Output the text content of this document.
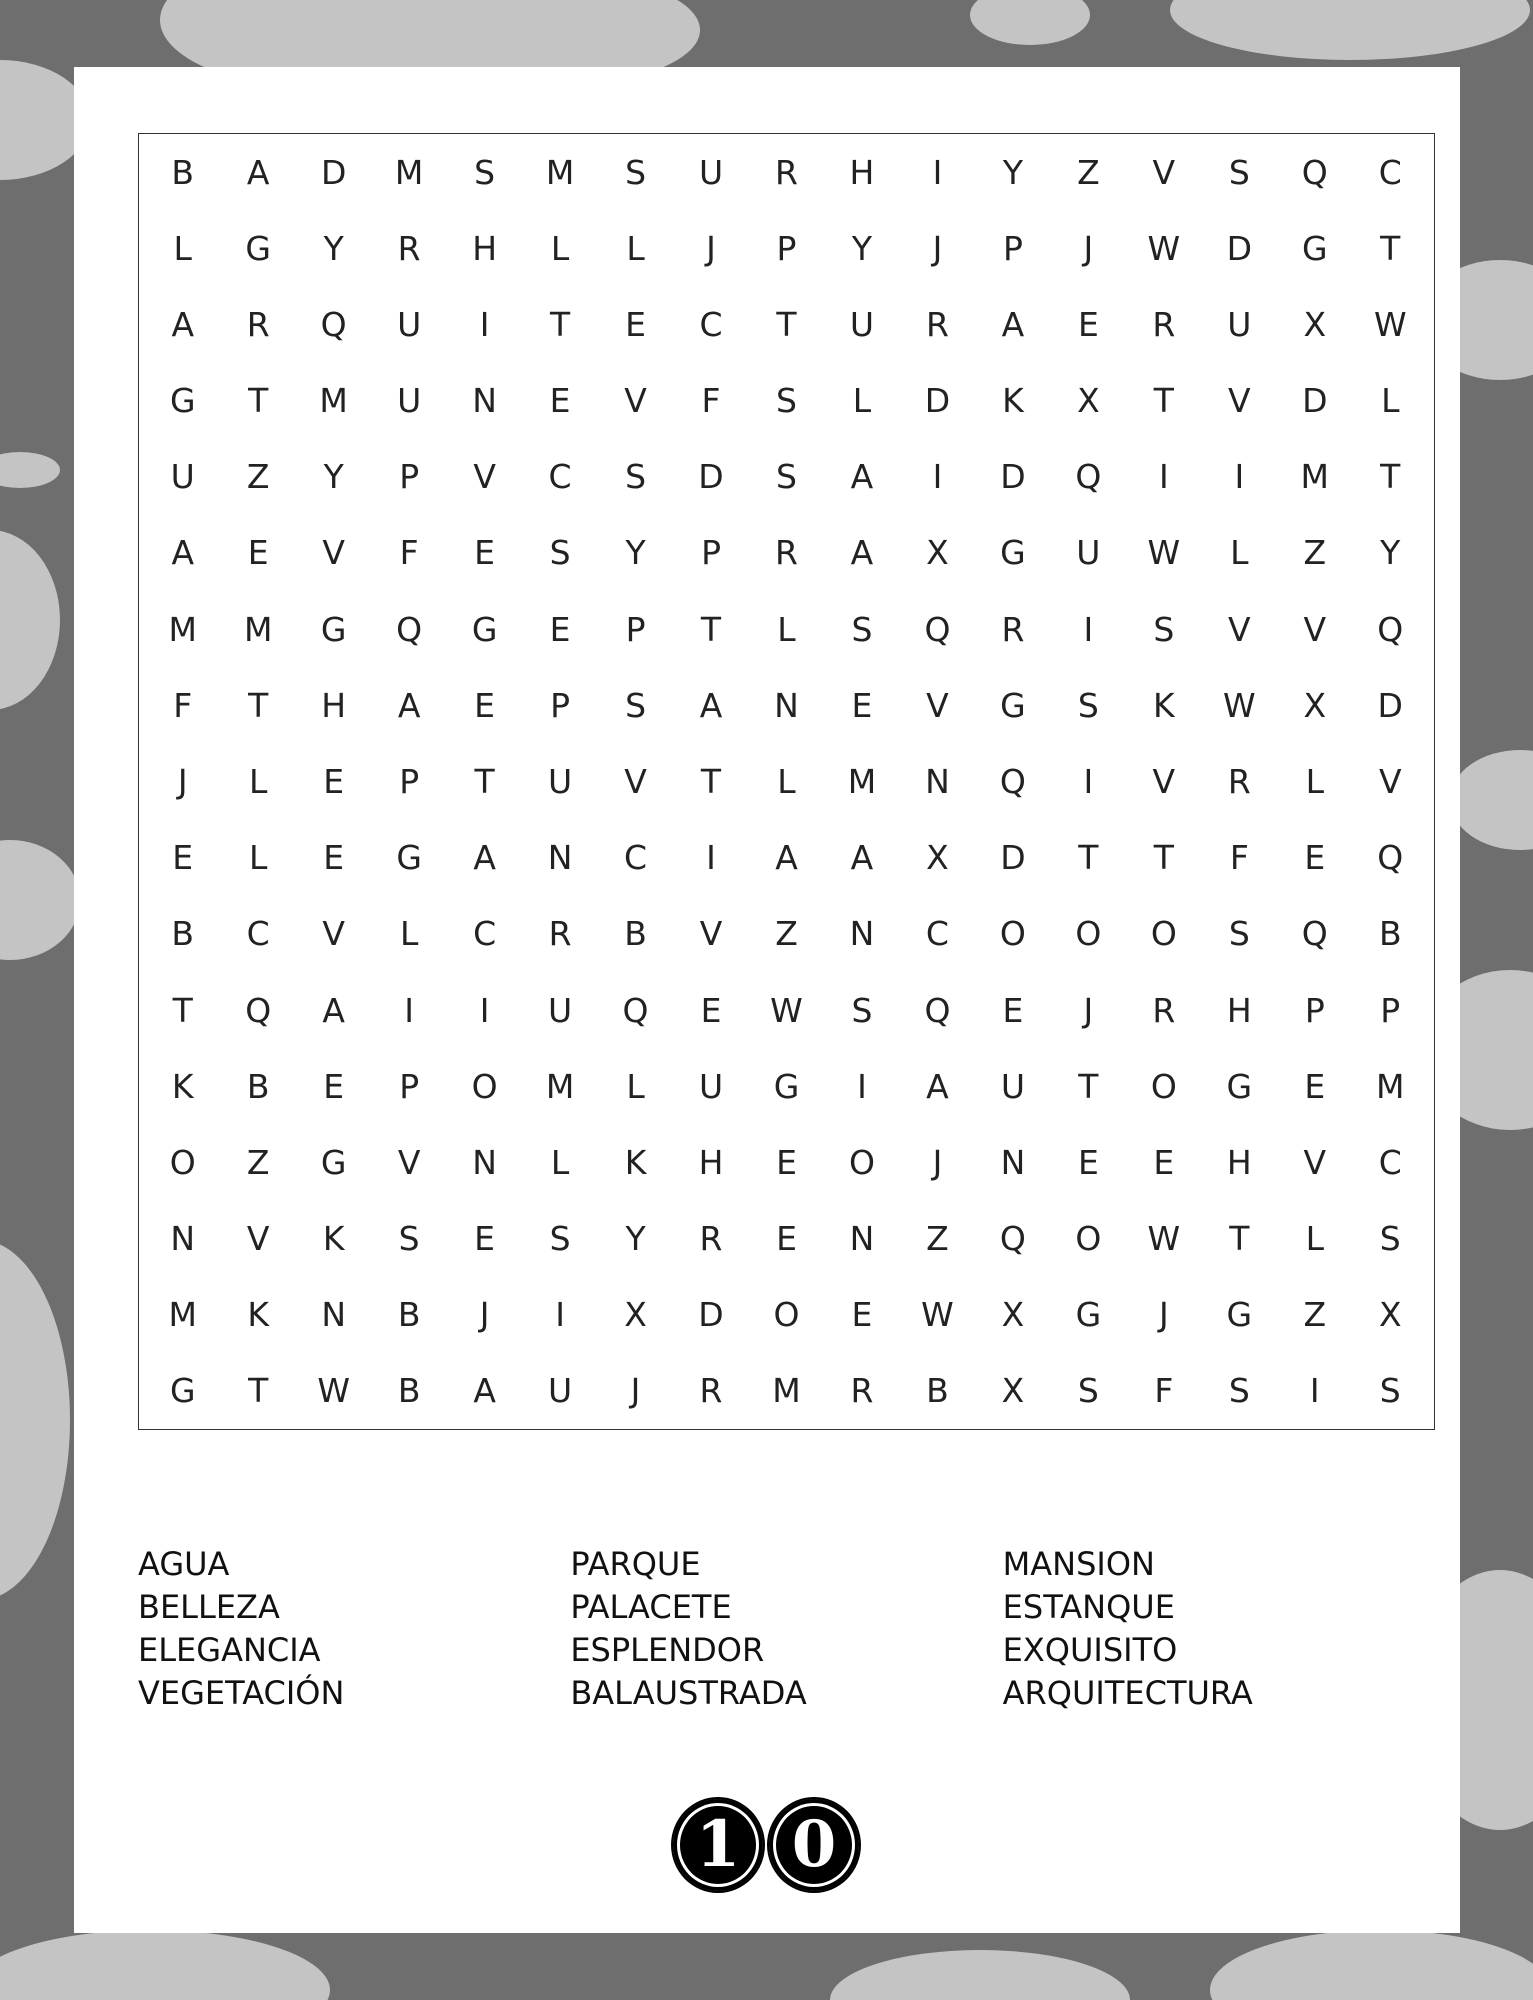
B	A	D	M	S	M	S	U	R	H	I	Y	Z	V	S	Q	C
L	G	Y	R	H	L	L	J	P	Y	J	P	J	W	D	G	T
A	R	Q	U	I	T	E	C	T	U	R	A	E	R	U	X	W
G	T	M	U	N	E	V	F	S	L	D	K	X	T	V	D	L
U	Z	Y	P	V	C	S	D	S	A	I	D	Q	I	I	M	T
A	E	V	F	E	S	Y	P	R	A	X	G	U	W	L	Z	Y
M	M	G	Q	G	E	P	T	L	S	Q	R	I	S	V	V	Q
F	T	H	A	E	P	S	A	N	E	V	G	S	K	W	X	D
J	L	E	P	T	U	V	T	L	M	N	Q	I	V	R	L	V
E	L	E	G	A	N	C	I	A	A	X	D	T	T	F	E	Q
B	C	V	L	C	R	B	V	Z	N	C	O	O	O	S	Q	B
T	Q	A	I	I	U	Q	E	W	S	Q	E	J	R	H	P	P
K	B	E	P	O	M	L	U	G	I	A	U	T	O	G	E	M
O	Z	G	V	N	L	K	H	E	O	J	N	E	E	H	V	C
N	V	K	S	E	S	Y	R	E	N	Z	Q	O	W	T	L	S
M	K	N	B	J	I	X	D	O	E	W	X	G	J	G	Z	X
G	T	W	B	A	U	J	R	M	R	B	X	S	F	S	I	S
AGUA
BELLEZA
ELEGANCIA
VEGETACIÓN
PARQUE
PALACETE
ESPLENDOR
BALAUSTRADA
MANSION
ESTANQUE
EXQUISITO
ARQUITECTURA
1 0
